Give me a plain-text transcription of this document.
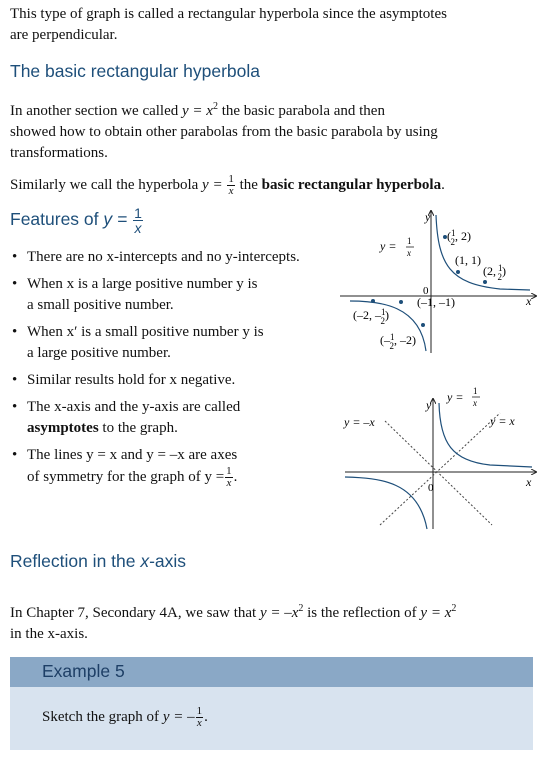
This type of graph is called a rectangular hyperbola since the asymptotes
are perpendicular.
The basic rectangular hyperbola
In another section we called $y = x^2$ the basic parabola and then
showed how to obtain other parabolas from the basic parabola by using
transformations.
Similarly we call the hyperbola $y = \frac{1}{x}$ the basic rectangular hyperbola.
Features of $y = \frac{1}{x}$
• There are no x-intercepts and no y-intercepts.
• When x is a large positive number y is
a small positive number.
• When x′ is a small positive number y is
a large positive number.
• Similar results hold for x negative.
• The x-axis and the y-axis are called
asymptotes to the graph.
• The lines y = x and y = –x are axes
of symmetry for the graph of $y = \frac{1}{x}$ .
y
x
0
y = 1
x
($^1$ 2, 2)
(1, 1)
(2, $^1$ 2)
(–1, –1)
(–2, –$^1$ 2)
(–$^1$ 2, –2)
y
x
0
y = 1
x
y = x
y = –x
Reflection in the x-axis
In Chapter 7, Secondary 4A, we saw that $y = -x^2$ is the reflection of $y = x^2$
in the x-axis.
Example 5
Sketch the graph of y = – $\frac{1}{x}$ .
